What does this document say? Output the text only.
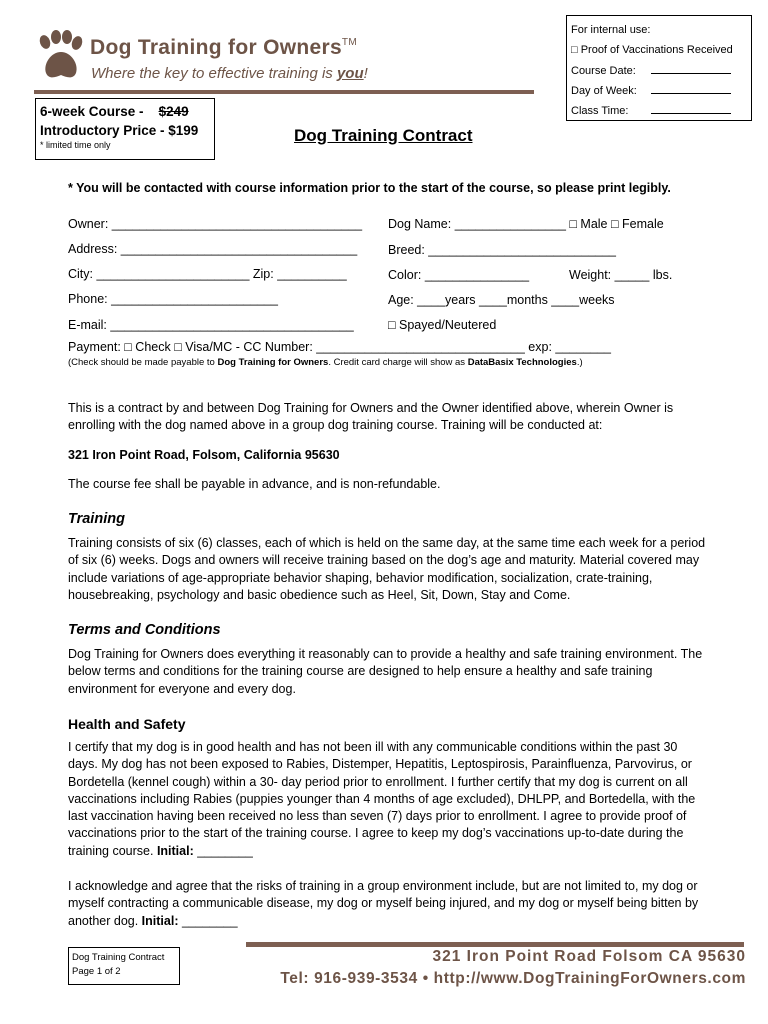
Dog Training for Owners™
Where the key to effective training is you!
For internal use:
□ Proof of Vaccinations Received
Course Date:
Day of Week:
Class Time:
6-week Course - $249
Introductory Price - $199
* limited time only	Dog Training Contract
* You will be contacted with course information prior to the start of the course, so please print legibly.
Owner: ____________________________________
Address: __________________________________
City: ______________________ Zip: __________
Phone: ________________________
E-mail: ___________________________________
Dog Name: ________________ □ Male □ Female
Breed: ___________________________
Color: _______________	Weight: _____ lbs.
Age: ____years ____months ____weeks
□ Spayed/Neutered
Payment: □ Check □ Visa/MC - CC Number: ______________________________ exp: ________
(Check should be made payable to Dog Training for Owners. Credit card charge will show as DataBasix Technologies.)
This is a contract by and between Dog Training for Owners and the Owner identified above, wherein Owner is enrolling with the dog named above in a group dog training course. Training will be conducted at:
321 Iron Point Road, Folsom, California 95630
The course fee shall be payable in advance, and is non-refundable.
Training
Training consists of six (6) classes, each of which is held on the same day, at the same time each week for a period of six (6) weeks. Dogs and owners will receive training based on the dog’s age and maturity. Material covered may include variations of age-appropriate behavior shaping, behavior modification, socialization, crate-training, housebreaking, psychology and basic obedience such as Heel, Sit, Down, Stay and Come.
Terms and Conditions
Dog Training for Owners does everything it reasonably can to provide a healthy and safe training environment. The below terms and conditions for the training course are designed to help ensure a healthy and safe training environment for everyone and every dog.
Health and Safety
I certify that my dog is in good health and has not been ill with any communicable conditions within the past 30 days. My dog has not been exposed to Rabies, Distemper, Hepatitis, Leptospirosis, Parainfluenza, Parvovirus, or Bordetella (kennel cough) within a 30- day period prior to enrollment. I further certify that my dog is current on all vaccinations including Rabies (puppies younger than 4 months of age excluded), DHLPP, and Bortedella, with the last vaccination having been received no less than seven (7) days prior to enrollment. I agree to provide proof of vaccinations prior to the start of the training course. I agree to keep my dog’s vaccinations up-to-date during the training course. Initial: ________
I acknowledge and agree that the risks of training in a group environment include, but are not limited to, my dog or myself contracting a communicable disease, my dog or myself being injured, and my dog or myself being bitten by another dog. Initial: ________
Dog Training Contract
Page 1 of 2
321 Iron Point Road Folsom CA 95630
Tel: 916-939-3534 • http://www.DogTrainingForOwners.com
